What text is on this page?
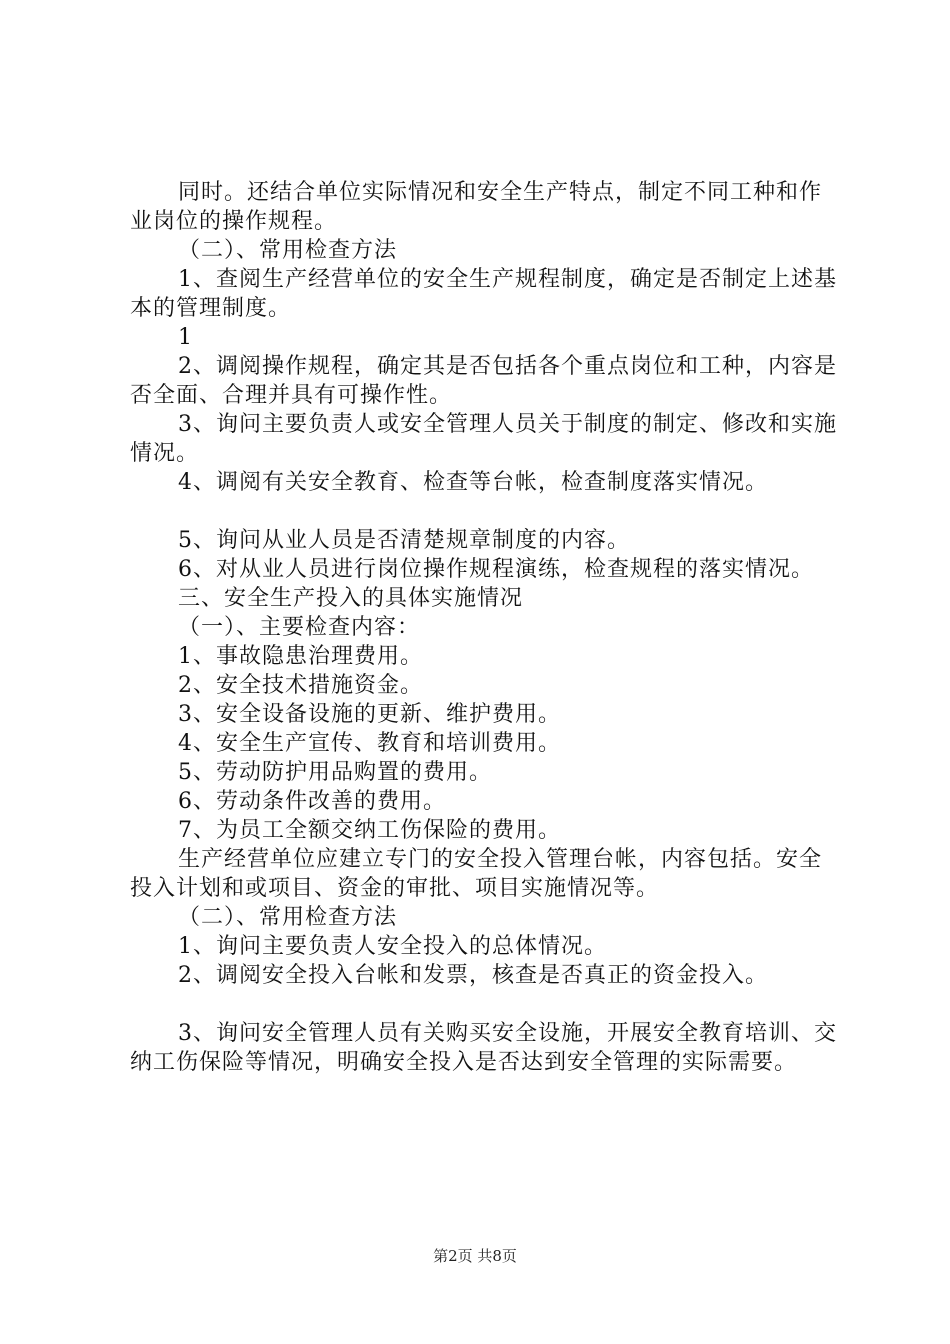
同时。还结合单位实际情况和安全生产特点，制定不同工种和作业岗位的操作规程。

（二）、常用检查方法

1、查阅生产经营单位的安全生产规程制度，确定是否制定上述基本的管理制度。

1

2、调阅操作规程，确定其是否包括各个重点岗位和工种，内容是否全面、合理并具有可操作性。

3、询问主要负责人或安全管理人员关于制度的制定、修改和实施情况。

4、调阅有关安全教育、检查等台帐，检查制度落实情况。

5、询问从业人员是否清楚规章制度的内容。

6、对从业人员进行岗位操作规程演练，检查规程的落实情况。

三、安全生产投入的具体实施情况

（一）、主要检查内容：

1、事故隐患治理费用。

2、安全技术措施资金。

3、安全设备设施的更新、维护费用。

4、安全生产宣传、教育和培训费用。

5、劳动防护用品购置的费用。

6、劳动条件改善的费用。

7、为员工全额交纳工伤保险的费用。

生产经营单位应建立专门的安全投入管理台帐，内容包括。安全投入计划和或项目、资金的审批、项目实施情况等。

（二）、常用检查方法

1、询问主要负责人安全投入的总体情况。

2、调阅安全投入台帐和发票，核查是否真正的资金投入。

3、询问安全管理人员有关购买安全设施，开展安全教育培训、交纳工伤保险等情况，明确安全投入是否达到安全管理的实际需要。

第2页 共8页
